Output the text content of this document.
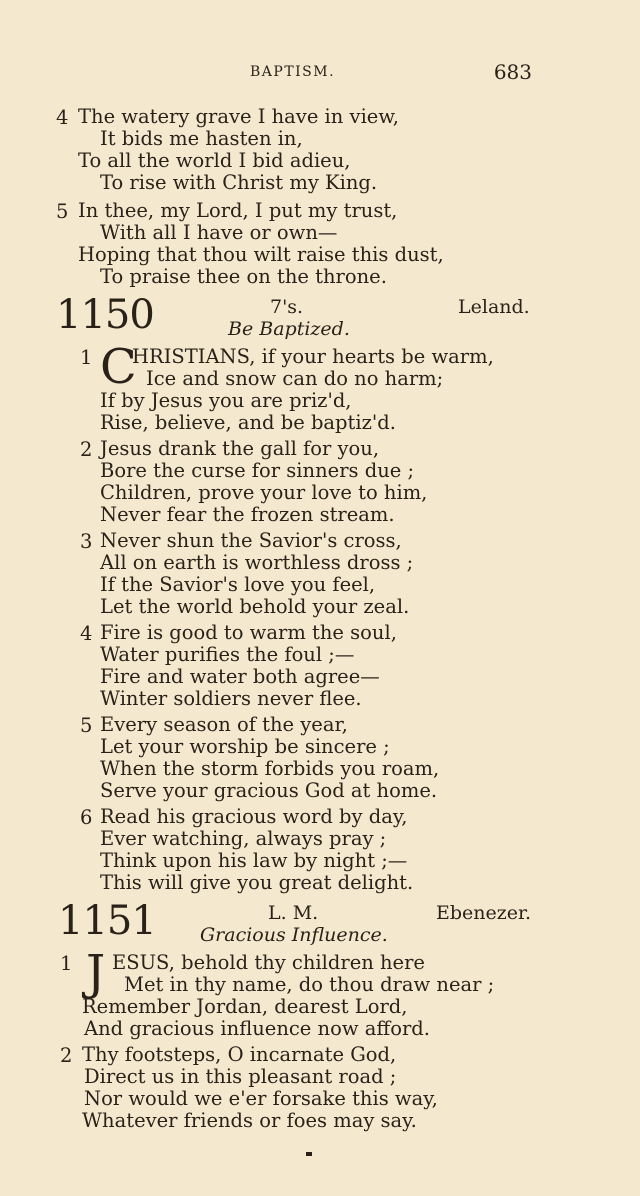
BAPTISM.	683
4 The watery grave I have in view,
It bids me hasten in,
To all the world I bid adieu,
To rise with Christ my King.
5 In thee, my Lord, I put my trust,
With all I have or own—
Hoping that thou wilt raise this dust,
To praise thee on the throne.
1150	7's.	Leland.
Be Baptized.
1 C
HRISTIANS, if your hearts be warm,
Ice and snow can do no harm;
If by Jesus you are priz'd,
Rise, believe, and be baptiz'd.
2 Jesus drank the gall for you,
Bore the curse for sinners due ;
Children, prove your love to him,
Never fear the frozen stream.
3 Never shun the Savior's cross,
All on earth is worthless dross ;
If the Savior's love you feel,
Let the world behold your zeal.
4 Fire is good to warm the soul,
Water purifies the foul ;—
Fire and water both agree—
Winter soldiers never flee.
5 Every season of the year,
Let your worship be sincere ;
When the storm forbids you roam,
Serve your gracious God at home.
6 Read his gracious word by day,
Ever watching, always pray ;
Think upon his law by night ;—
This will give you great delight.
1151	L. M.	Ebenezer.
Gracious Influence.
1 J ESUS, behold thy children here
Met in thy name, do thou draw near ;
Remember Jordan, dearest Lord,
And gracious influence now afford.
2 Thy footsteps, O incarnate God,
Direct us in this pleasant road ;
Nor would we e'er forsake this way,
Whatever friends or foes may say.
